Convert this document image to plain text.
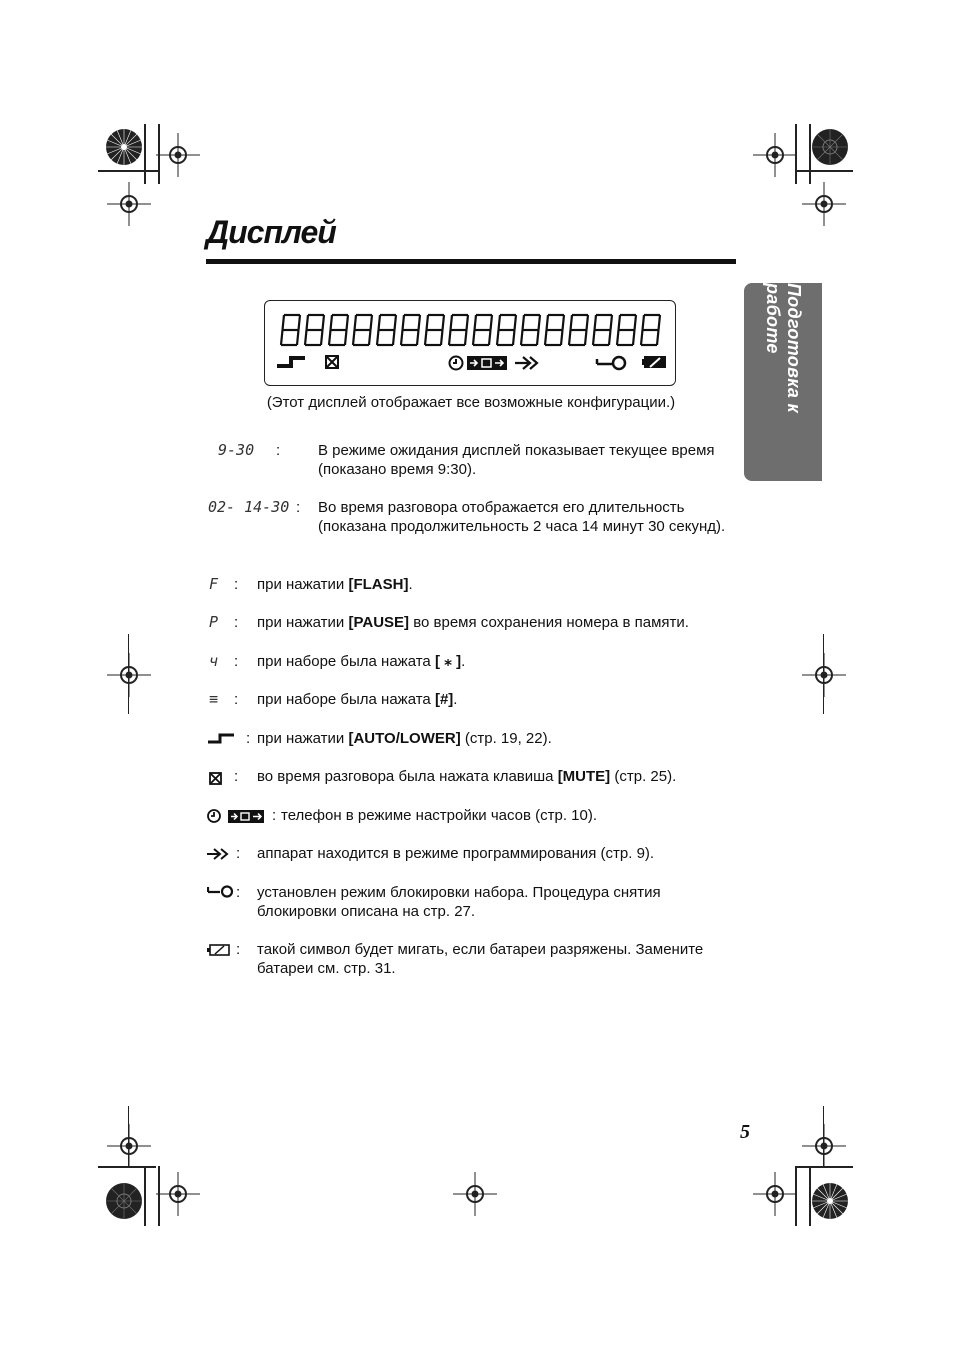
Дисплей
Подготовка к работе
(Этот дисплей отображает все возможные конфигурации.)
9-30 :	В режиме ожидания дисплей показывает текущее время (показано время 9:30).
02- 14-30 : Во время разговора отображается его длительность (показана продолжительность 2 часа 14 минут 30 секунд).
F : при нажатии [FLASH].
P : при нажатии [PAUSE] во время сохранения номера в памяти.
ч : при наборе была нажата [ ⁎ ].
≡ : при наборе была нажата [#].
: при нажатии [AUTO/LOWER] (стр. 19, 22).
: во время разговора была нажата клавиша [MUTE] (стр. 25).
: телефон в режиме настройки часов (стр. 10).
: аппарат находится в режиме программирования (стр. 9).
: установлен режим блокировки набора. Процедура снятия блокировки описана на стр. 27.
: такой символ будет мигать, если батареи разряжены. Замените батареи см. стр. 31.
5
